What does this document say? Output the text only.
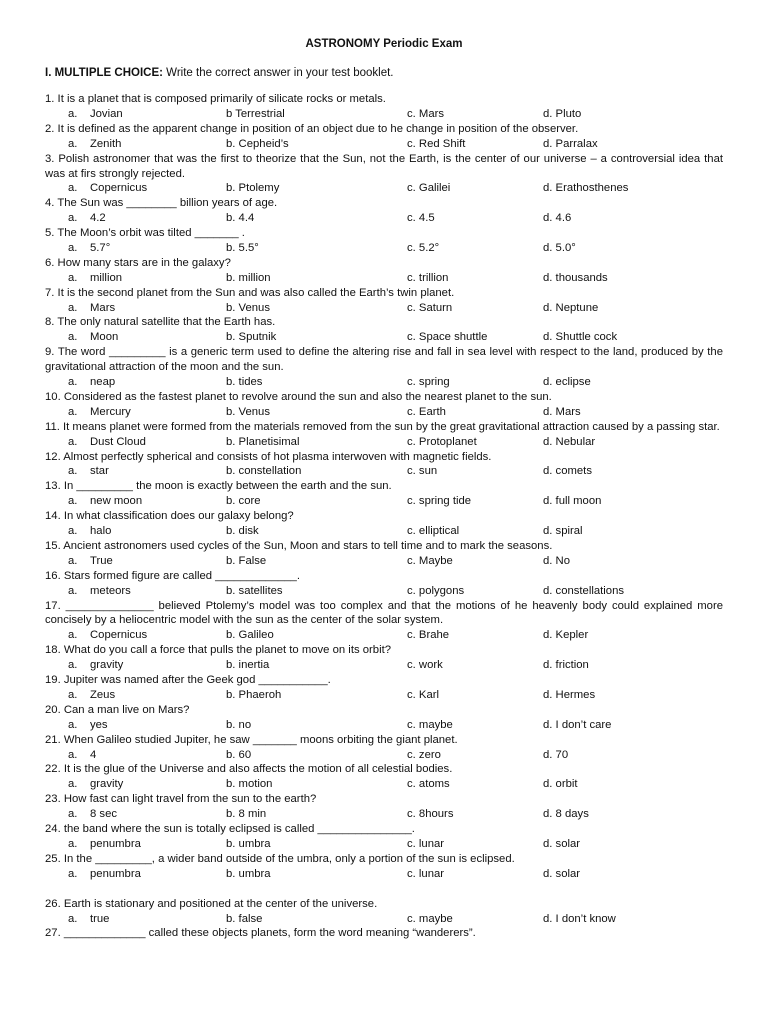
ASTRONOMY Periodic Exam
I. MULTIPLE CHOICE: Write the correct answer in your test booklet.
1. It is a planet that is composed primarily of silicate rocks or metals.
a. Jovian	b Terrestrial	c. Mars	d. Pluto
2. It is defined as the apparent change in position of an object due to he change in position of the observer.
a. Zenith	b. Cepheid’s	c. Red Shift	d. Parralax
3. Polish astronomer that was the first to theorize that the Sun, not the Earth, is the center of our universe – a controversial idea that was at firs strongly rejected.
a. Copernicus	b. Ptolemy	c. Galilei	d. Erathosthenes
4. The Sun was ________ billion years of age.
a. 4.2	b. 4.4	c. 4.5	d. 4.6
5. The Moon’s orbit was tilted _______ .
a. 5.7°	b. 5.5°	c. 5.2°	d. 5.0°
6. How many stars are in the galaxy?
a. million	b. million	c. trillion	d. thousands
7. It is the second planet from the Sun and was also called the Earth’s twin planet.
a. Mars	b. Venus	c. Saturn	d. Neptune
8. The only natural satellite that the Earth has.
a. Moon	b. Sputnik	c. Space shuttle	d. Shuttle cock
9. The word _________ is a generic term used to define the altering rise and fall in sea level with respect to the land, produced by the gravitational attraction of the moon and the sun.
a. neap	b. tides	c. spring	d. eclipse
10. Considered as the fastest planet to revolve around the sun and also the nearest planet to the sun.
a. Mercury	b. Venus	c. Earth	d. Mars
11. It means planet were formed from the materials removed from the sun by the great gravitational attraction caused by a passing star.
a. Dust Cloud	b. Planetisimal	c. Protoplanet	d. Nebular
12. Almost perfectly spherical and consists of hot plasma interwoven with magnetic fields.
a. star	b. constellation	c. sun	d. comets
13. In _________ the moon is exactly between the earth and the sun.
a. new moon	b. core	c. spring tide	d. full moon
14. In what classification does our galaxy belong?
a. halo	b. disk	c. elliptical	d. spiral
15. Ancient astronomers used cycles of the Sun, Moon and stars to tell time and to mark the seasons.
a. True	b. False	c. Maybe	d. No
16. Stars formed figure are called _____________.
a. meteors	b. satellites	c. polygons	d. constellations
17. ______________ believed Ptolemy’s model was too complex and that the motions of he heavenly body could explained more concisely by a heliocentric model with the sun as the center of the solar system.
a. Copernicus	b. Galileo	c. Brahe	d. Kepler
18. What do you call a force that pulls the planet to move on its orbit?
a. gravity	b. inertia	c. work	d. friction
19. Jupiter was named after the Geek god ___________.
a. Zeus	b. Phaeroh	c. Karl	d. Hermes
20. Can a man live on Mars?
a. yes	b. no	c. maybe	d. I don’t care
21. When Galileo studied Jupiter, he saw _______ moons orbiting the giant planet.
a. 4	b. 60	c. zero	d. 70
22. It is the glue of the Universe and also affects the motion of all celestial bodies.
a. gravity	b. motion	c. atoms	d. orbit
23. How fast can light travel from the sun to the earth?
a. 8 sec	b. 8 min	c. 8hours	d. 8 days
24. the band where the sun is totally eclipsed is called _______________.
a. penumbra	b. umbra	c. lunar	d. solar
25. In the _________, a wider band outside of the umbra, only a portion of the sun is eclipsed.
a. penumbra	b. umbra	c. lunar	d. solar
26. Earth is stationary and positioned at the center of the universe.
a. true	b. false	c. maybe	d. I don’t know
27. _____________ called these objects planets, form the word meaning “wanderers”.
